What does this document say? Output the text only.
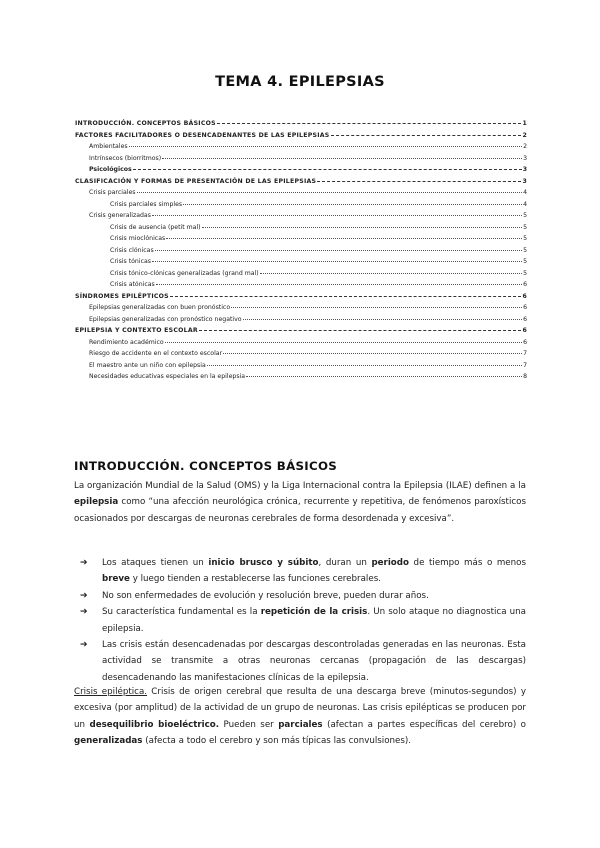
TEMA 4. EPILEPSIAS
INTRODUCCIÓN. CONCEPTOS BÁSICOS	1
FACTORES FACILITADORES O DESENCADENANTES DE LAS EPILEPSIAS	2
Ambientales	2
Intrínsecos (biorritmos)	3
Psicológicos	3
CLASIFICACIÓN Y FORMAS DE PRESENTACIÓN DE LAS EPILEPSIAS	3
Crisis parciales	4
Crisis parciales simples	4
Crisis generalizadas	5
Crisis de ausencia (petit mal)	5
Crisis mioclónicas	5
Crisis clónicas	5
Crisis tónicas	5
Crisis tónico-clónicas generalizadas (grand mal)	5
Crisis atónicas	6
SÍNDROMES EPILÉPTICOS	6
Epilepsias generalizadas con buen pronóstico	6
Epilepsias generalizadas con pronóstico negativo	6
EPILEPSIA Y CONTEXTO ESCOLAR	6
Rendimiento académico	6
Riesgo de accidente en el contexto escolar	7
El maestro ante un niño con epilepsia	7
Necesidades educativas especiales en la epilepsia	8
INTRODUCCIÓN. CONCEPTOS BÁSICOS

La organización Mundial de la Salud (OMS) y la Liga Internacional contra la Epilepsia (ILAE) definen a la epilepsia como “una afección neurológica crónica, recurrente y repetitiva, de fenómenos paroxísticos ocasionados por descargas de neuronas cerebrales de forma desordenada y excesiva”.

➔ Los ataques tienen un inicio brusco y súbito, duran un periodo de tiempo más o menos breve y luego tienden a restablecerse las funciones cerebrales.
➔ No son enfermedades de evolución y resolución breve, pueden durar años.
➔ Su característica fundamental es la repetición de la crisis. Un solo ataque no diagnostica una epilepsia.
➔ Las crisis están desencadenadas por descargas descontroladas generadas en las neuronas. Esta actividad se transmite a otras neuronas cercanas (propagación de las descargas) desencadenando las manifestaciones clínicas de la epilepsia.

Crisis epiléptica. Crisis de origen cerebral que resulta de una descarga breve (minutos-segundos) y excesiva (por amplitud) de la actividad de un grupo de neuronas. Las crisis epilépticas se producen por un desequilibrio bioeléctrico. Pueden ser parciales (afectan a partes específicas del cerebro) o generalizadas (afecta a todo el cerebro y son más típicas las convulsiones).
